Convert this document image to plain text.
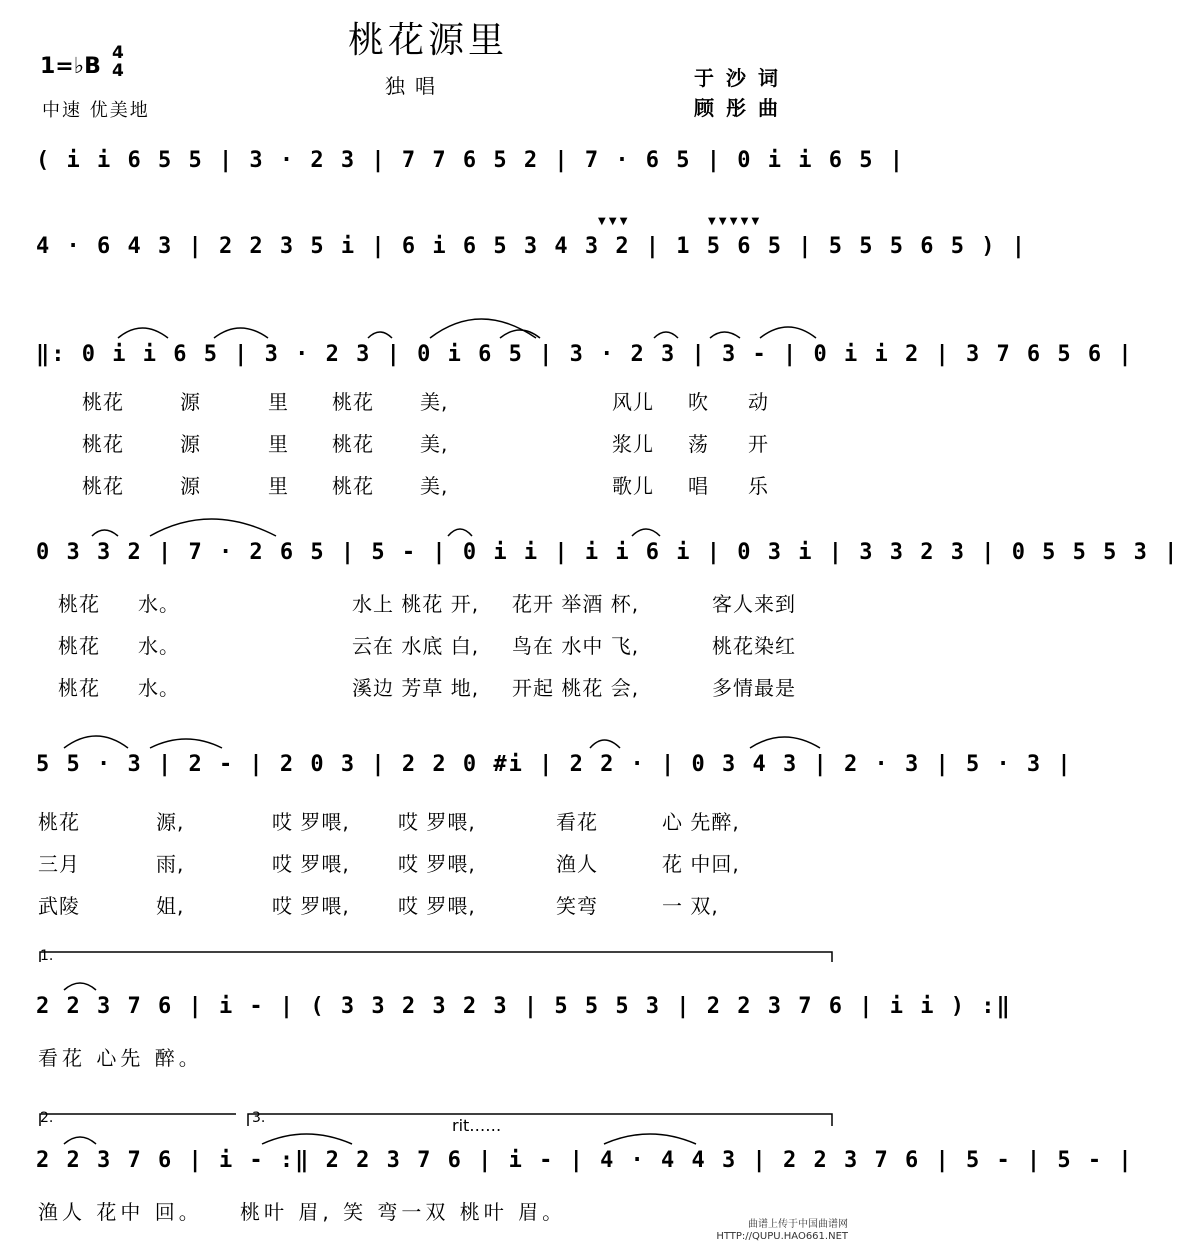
桃花源里
独唱
1=♭B
4
4
中速 优美地
于沙词
顾彤曲
( i i 6 5 5 | 3 · 2 3 | 7 7 6 5 2 | 7 · 6 5 | 0 i i 6 5 |
4 · 6 4 3 | 2 2 3 5 i | 6 i 6 5 3 4 3 2 | 1 5 6 5 | 5 5 5 6 5 ) |
‖: 0 i i 6 5 | 3 · 2 3 | 0 i 6 5 | 3 · 2 3 | 3 - | 0 i i 2 | 3 7 6 5 6 |
0 3 3 2 | 7 · 2 6 5 | 5 - | 0 i i | i i 6 i | 0 3 i | 3 3 2 3 | 0 5 5 5 3 |
5 5 · 3 | 2 - | 2 0 3 | 2 2 0 #i | 2 2 · | 0 3 4 3 | 2 · 3 | 5 · 3 |
2 2 3 7 6 | i - | ( 3 3 2 3 2 3 | 5 5 5 3 | 2 2 3 7 6 | i i ) :‖
2 2 3 7 6 | i - :‖ 2 2 3 7 6 | i - | 4 · 4 4 3 | 2 2 3 7 6 | 5 - | 5 - |
桃花	源	里 桃花 美,	风儿 吹 动
桃花	源	里 桃花 美,	浆儿 荡 开
桃花	源	里 桃花 美,	歌儿 唱 乐
桃花 水。	水上 桃花 开, 花开 举酒 杯,	客人来到
桃花 水。	云在 水底 白, 鸟在 水中 飞,	桃花染红
桃花 水。	溪边 芳草 地, 开起 桃花 会,	多情最是
桃花	源,	哎 罗喂, 哎 罗喂,	看花	心 先醉,
三月	雨,	哎 罗喂, 哎 罗喂,	渔人	花 中回,
武陵	姐,	哎 罗喂, 哎 罗喂,	笑弯	一 双,
1.
看花 心先 醉。
2.	3.	rit……
渔人 花中 回。 桃叶 眉, 笑 弯一双 桃叶 眉。
▼ ▼ ▼	▼ ▼ ▼ ▼ ▼
曲谱上传于中国曲谱网
HTTP://QUPU.HAO661.NET
